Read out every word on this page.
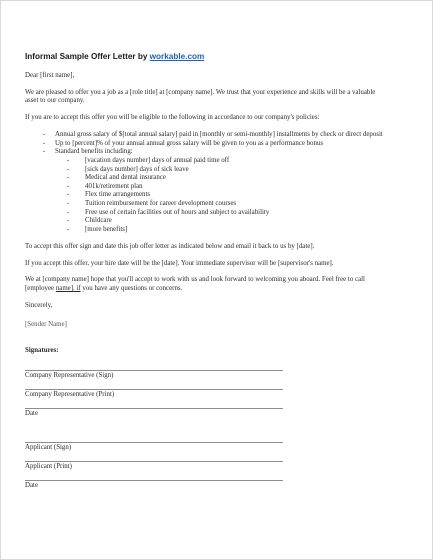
Informal Sample Offer Letter by workable.com

Dear [first name],

We are pleased to offer you a job as a [role title] at [company name]. We trust that your experience and skills will be a valuable asset to our company.

If you are to accept this offer you will be eligible to the following in accordance to our company's policies:

- Annual gross salary of $[total annual salary] paid in [monthly or semi-monthly] installments by check or direct deposit
- Up to [percent]% of your annual annual gross salary will be given to you as a performance bonus
- Standard benefits including:
- [vacation days number] days of annual paid time off
- [sick days number] days of sick leave
- Medical and dental insurance
- 401k/retirement plan
- Flex time arrangements
- Tuition reimbursement for career development courses
- Free use of certain facilities out of hours and subject to availability
- Childcare
- [more benefits]

To accept this offer sign and date this job offer letter as indicated below and email it back to us by [date].

If you accept this offer, your hire date will be the [date]. Your immediate supervisor will be [supervisor's name].

We at [company name] hope that you'll accept to work with us and look forward to welcoming you aboard. Feel free to call [employee name]. if you have any questions or concerns.

Sincerely,

[Sender Name]

Signatures:
Company Representative (Sign)
Company Representative (Print)
Date
Applicant (Sign)
Applicant (Print)
Date
